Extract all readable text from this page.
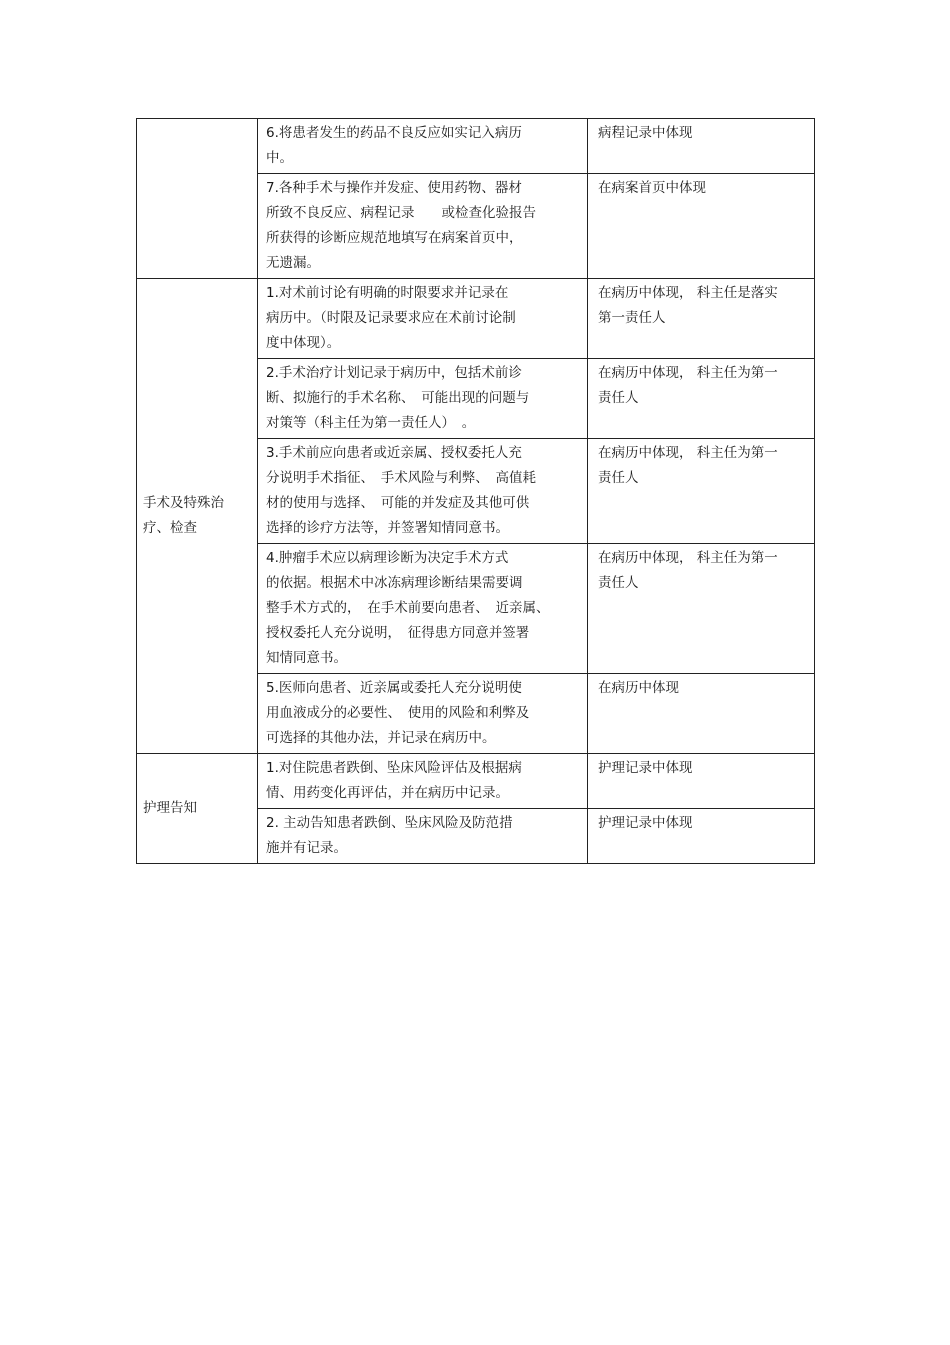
	6.将患者发生的药品不良反应如实记入病历
中。	病程记录中体现

	7.各种手术与操作并发症、使用药物、器材
所致不良反应、病程记录　　或检查化验报告
所获得的诊断应规范地填写在病案首页中，
无遗漏。	在病案首页中体现

手术及特殊治
疗、检查	1.对术前讨论有明确的时限要求并记录在
病历中。（时限及记录要求应在术前讨论制
度中体现）。	在病历中体现， 科主任是落实
第一责任人

	2.手术治疗计划记录于病历中，包括术前诊
断、拟施行的手术名称、　可能出现的问题与
对策等（科主任为第一责任人）　。	在病历中体现， 科主任为第一
责任人

	3.手术前应向患者或近亲属、授权委托人充
分说明手术指征、　手术风险与利弊、　高值耗
材的使用与选择、　可能的并发症及其他可供
选择的诊疗方法等，并签署知情同意书。	在病历中体现， 科主任为第一
责任人

	4.肿瘤手术应以病理诊断为决定手术方式
的依据。根据术中冰冻病理诊断结果需要调
整手术方式的，　在手术前要向患者、　近亲属、
授权委托人充分说明，　征得患方同意并签署
知情同意书。	在病历中体现， 科主任为第一
责任人

	5.医师向患者、近亲属或委托人充分说明使
用血液成分的必要性、　使用的风险和利弊及
可选择的其他办法，并记录在病历中。	在病历中体现

护理告知	1.对住院患者跌倒、坠床风险评估及根据病
情、用药变化再评估，并在病历中记录。	护理记录中体现

	2. 主动告知患者跌倒、坠床风险及防范措
施并有记录。	护理记录中体现
